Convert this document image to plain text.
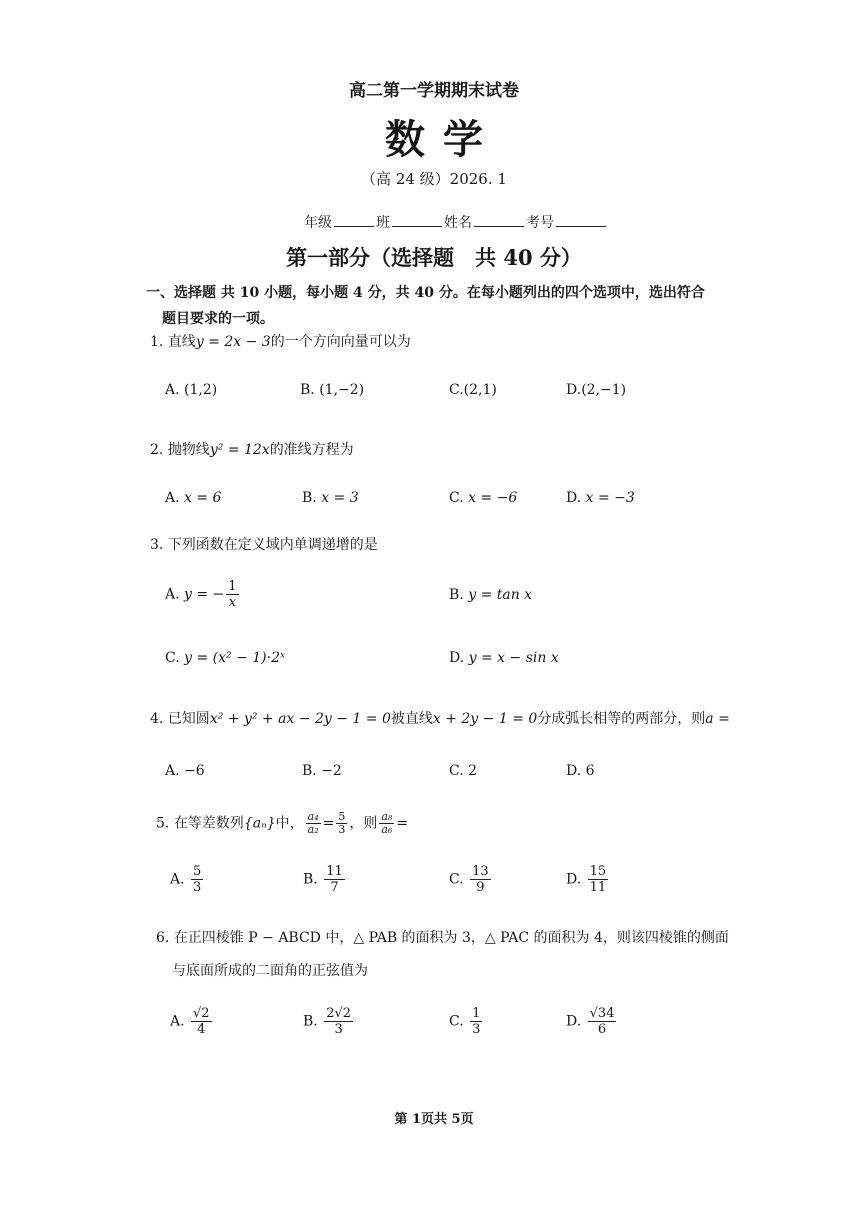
高二第一学期期末试卷
数学
（高 24 级）2026. 1
年级	班	姓名	考号
第一部分（选择题　共 40 分）
一、选择题 共 10 小题，每小题 4 分，共 40 分。在每小题列出的四个选项中，选出符合
题目要求的一项。
1. 直线y = 2x − 3的一个方向向量可以为
A. (1,2)	B. (1,−2)	C.(2,1)	D.(2,−1)
2. 抛物线y² = 12x的准线方程为
A. x = 6	B. x = 3	C. x = −6	D. x = −3
3. 下列函数在定义域内单调递增的是
A. y = − $\frac{1}{x}$	B. y = tan x
C. y = (x² − 1)·2ˣ	D. y = x − sin x
4. 已知圆x² + y² + ax − 2y − 1 = 0被直线x + 2y − 1 = 0分成弧长相等的两部分，则a =
A. −6	B. −2	C. 2	D. 6
5. 在等差数列{aₙ}中， $\frac{\text{a₄}}{\text{a₂}} = \frac{5}{3}$ ，则 $\frac{\text{a₈}}{\text{a₆}}$ =
A. $\frac{5}{3}$	B. $\frac{11}{7}$	C. $\frac{13}{9}$	D. $\frac{15}{11}$
6. 在正四棱锥 P − ABCD 中，△ PAB 的面积为 3，△ PAC 的面积为 4，则该四棱锥的侧面
与底面所成的二面角的正弦值为
A. $\frac{√2}{4}$	B. $\frac{2√2}{3}$	C. $\frac{1}{3}$	D. $\frac{√34}{6}$
第 1页共 5页
